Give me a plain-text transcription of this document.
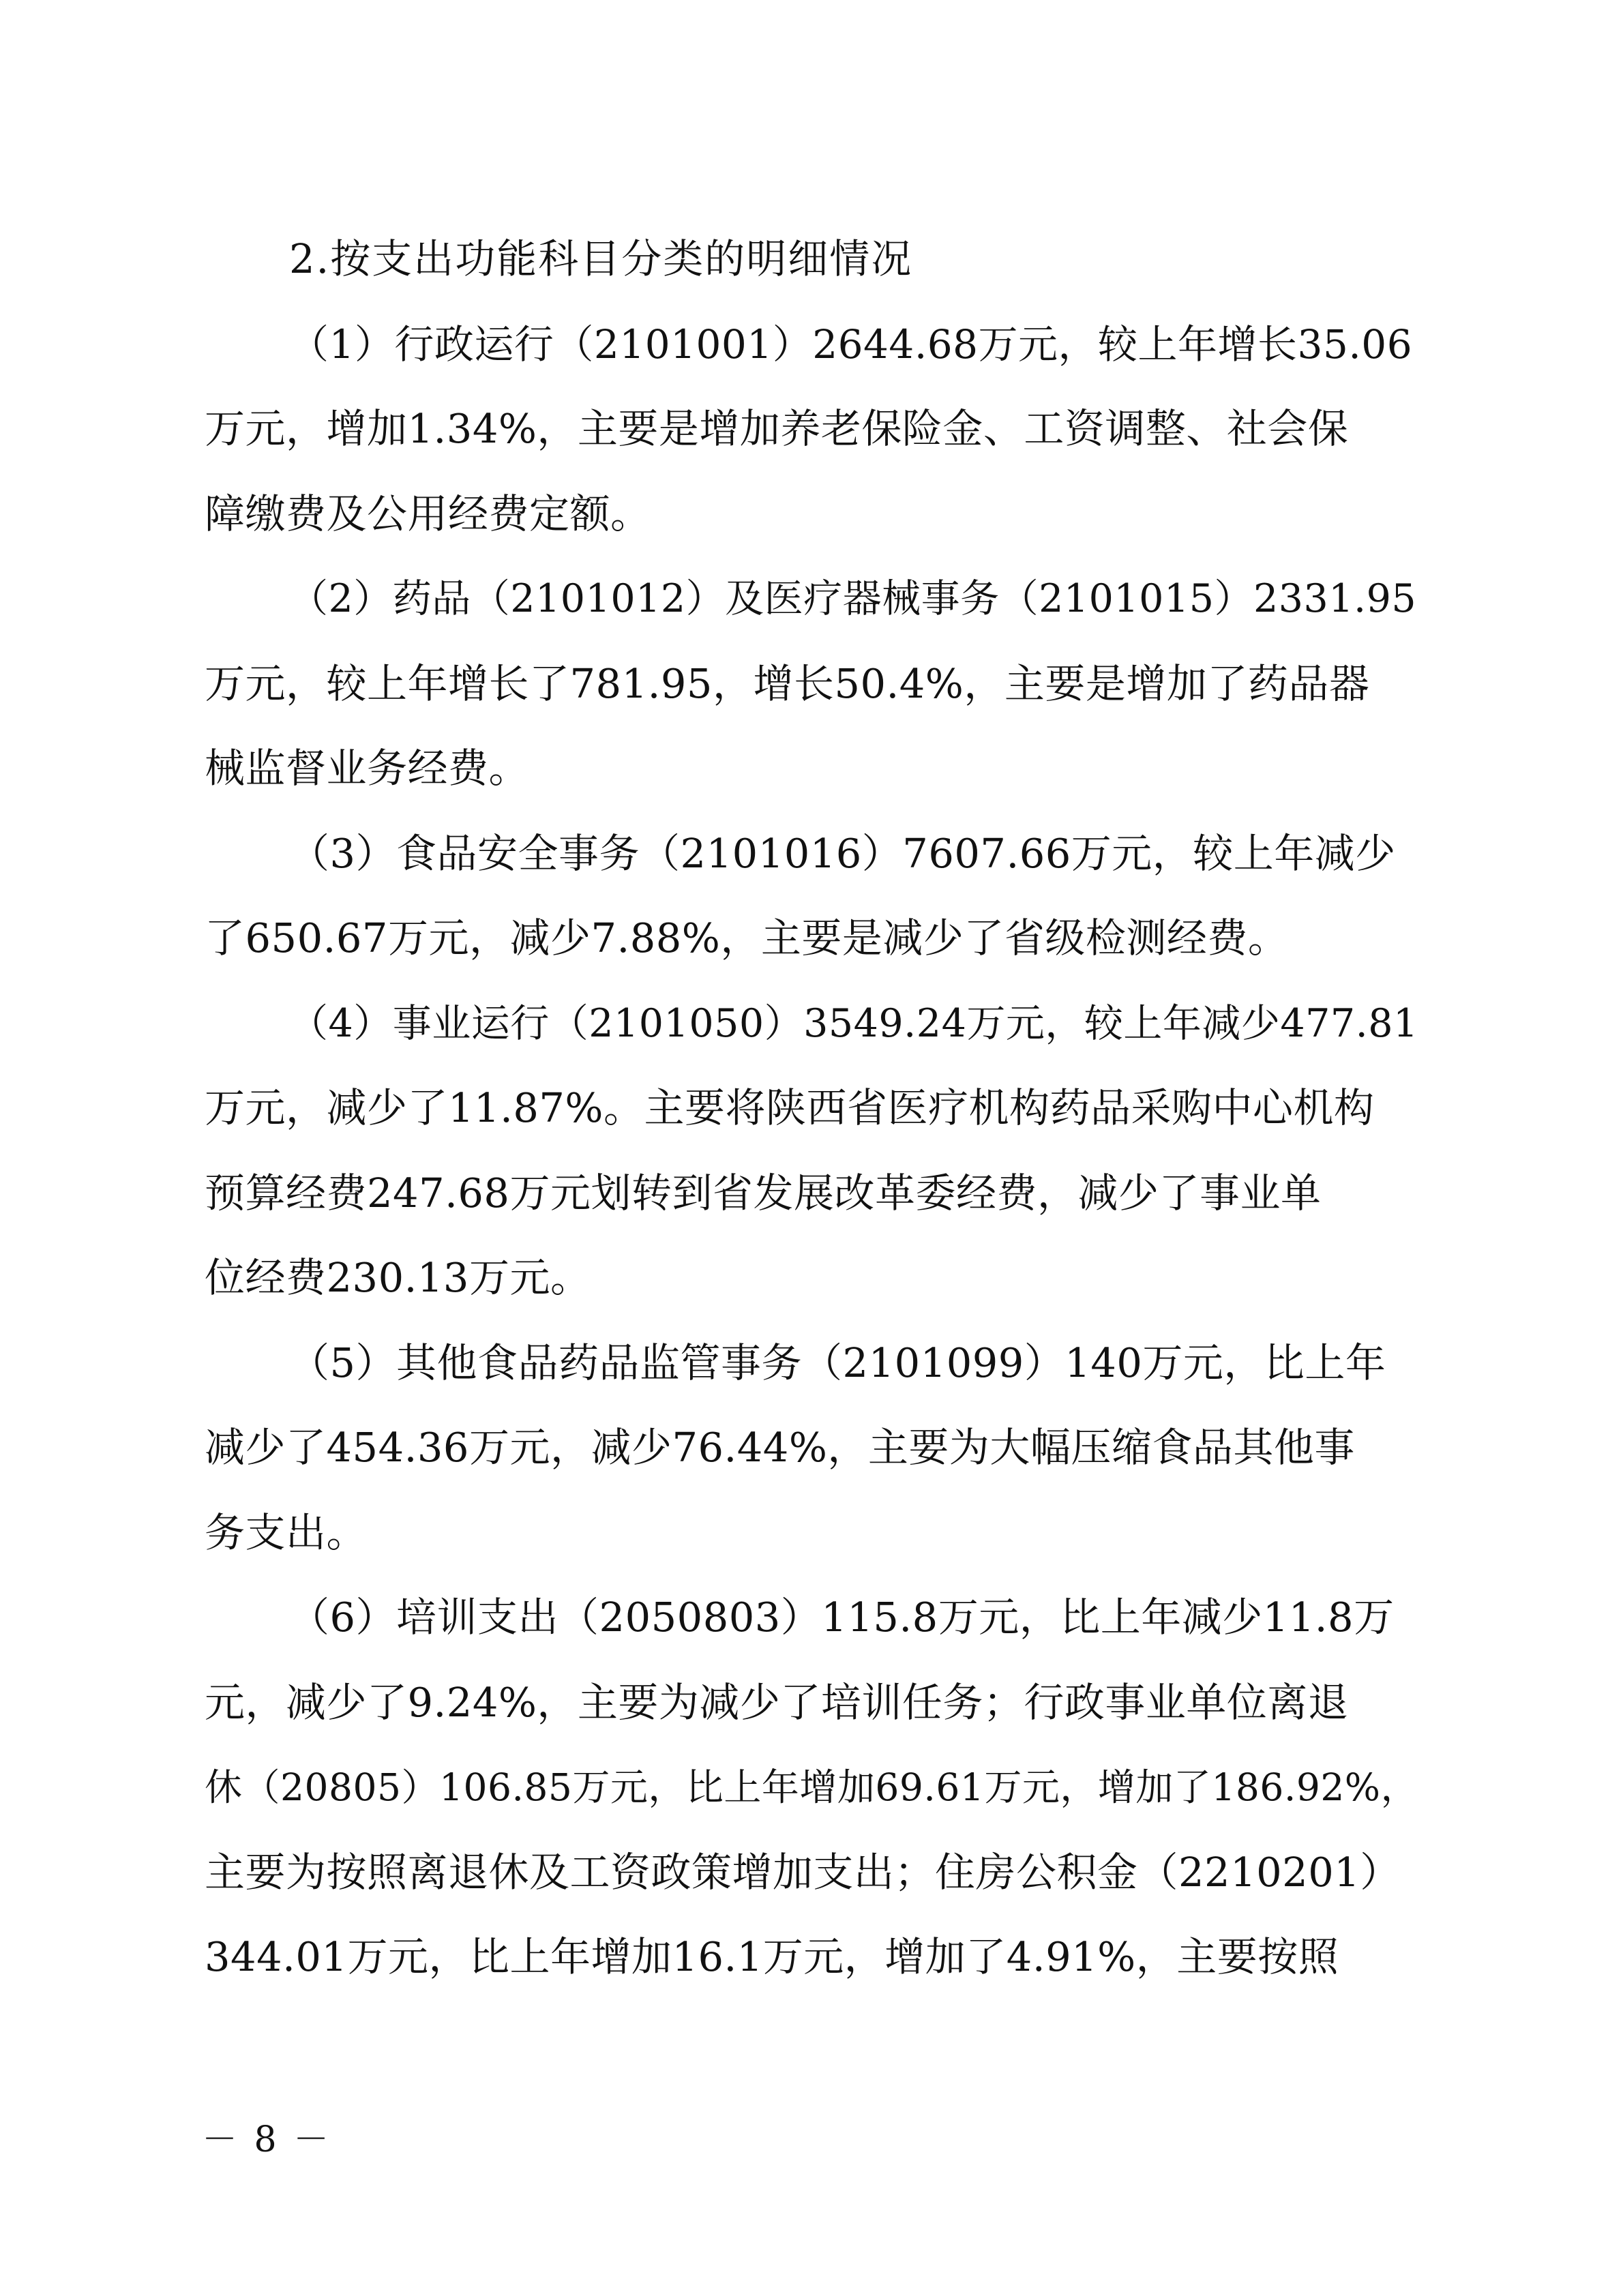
2.按支出功能科目分类的明细情况
（1）行政运行（2101001）2644.68万元，较上年增长35.06
万元，增加1.34%，主要是增加养老保险金、工资调整、社会保
障缴费及公用经费定额。
（2）药品（2101012）及医疗器械事务（2101015）2331.95
万元，较上年增长了781.95，增长50.4%，主要是增加了药品器
械监督业务经费。
（3）食品安全事务（2101016）7607.66万元，较上年减少
了650.67万元，减少7.88%，主要是减少了省级检测经费。
（4）事业运行（2101050）3549.24万元，较上年减少477.81
万元，减少了11.87%。主要将陕西省医疗机构药品采购中心机构
预算经费247.68万元划转到省发展改革委经费，减少了事业单
位经费230.13万元。
（5）其他食品药品监管事务（2101099）140万元，比上年
减少了454.36万元，减少76.44%，主要为大幅压缩食品其他事
务支出。
（6）培训支出（2050803）115.8万元，比上年减少11.8万
元，减少了9.24%，主要为减少了培训任务；行政事业单位离退
休（20805）106.85万元，比上年增加69.61万元，增加了186.92%，
主要为按照离退休及工资政策增加支出；住房公积金（2210201）
344.01万元，比上年增加16.1万元，增加了4.91%，主要按照
－ 8 －
